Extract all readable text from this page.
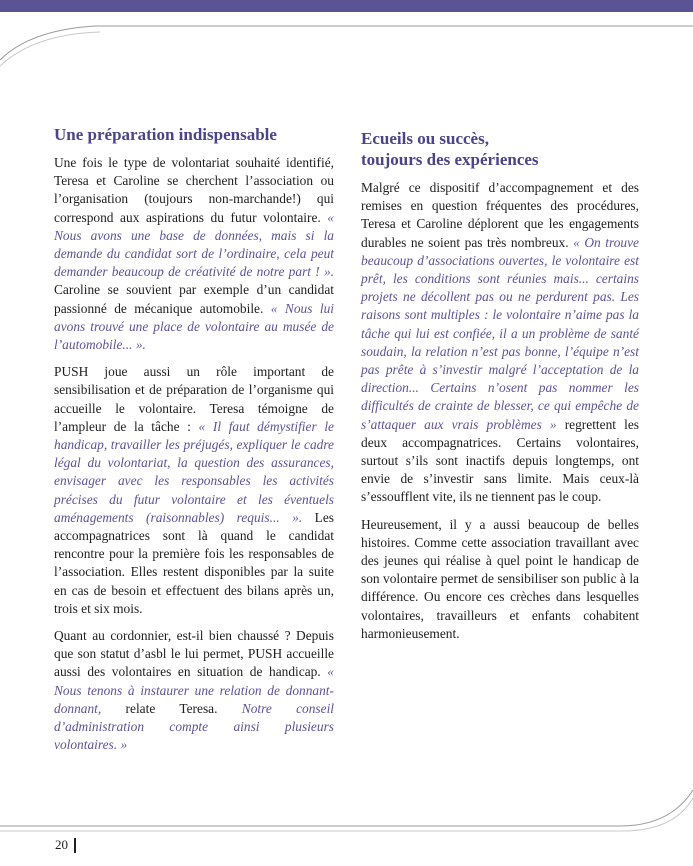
Une préparation indispensable

Une fois le type de volontariat souhaité identifié, Teresa et Caroline se cherchent l’association ou l’organisation (toujours non-marchande!) qui correspond aux aspirations du futur volontaire. « Nous avons une base de données, mais si la demande du candidat sort de l’ordinaire, cela peut demander beaucoup de créativité de notre part ! ». Caroline se souvient par exemple d’un candidat passionné de mécanique automobile. « Nous lui avons trouvé une place de volontaire au musée de l’automobile... ».

PUSH joue aussi un rôle important de sensibilisation et de préparation de l’organisme qui accueille le volontaire. Teresa témoigne de l’ampleur de la tâche : « Il faut démystifier le handicap, travailler les préjugés, expliquer le cadre légal du volontariat, la question des assurances, envisager avec les responsables les activités précises du futur volontaire et les éventuels aménagements (raisonnables) requis... ». Les accompagnatrices sont là quand le candidat rencontre pour la première fois les responsables de l’association. Elles restent disponibles par la suite en cas de besoin et effectuent des bilans après un, trois et six mois.

Quant au cordonnier, est-il bien chaussé ? Depuis que son statut d’asbl le lui permet, PUSH accueille aussi des volontaires en situation de handicap. « Nous tenons à instaurer une relation de donnant-donnant, relate Teresa. Notre conseil d’administration compte ainsi plusieurs volontaires. »

Ecueils ou succès,
toujours des expériences

Malgré ce dispositif d’accompagnement et des remises en question fréquentes des procédures, Teresa et Caroline déplorent que les engagements durables ne soient pas très nombreux. « On trouve beaucoup d’associations ouvertes, le volontaire est prêt, les conditions sont réunies mais... certains projets ne décollent pas ou ne perdurent pas. Les raisons sont multiples : le volontaire n’aime pas la tâche qui lui est confiée, il a un problème de santé soudain, la relation n’est pas bonne, l’équipe n’est pas prête à s’investir malgré l’acceptation de la direction... Certains n’osent pas nommer les difficultés de crainte de blesser, ce qui empêche de s’attaquer aux vrais problèmes » regrettent les deux accompagnatrices. Certains volontaires, surtout s’ils sont inactifs depuis longtemps, ont envie de s’investir sans limite. Mais ceux-là s’essoufflent vite, ils ne tiennent pas le coup.

Heureusement, il y a aussi beaucoup de belles histoires. Comme cette association travaillant avec des jeunes qui réalise à quel point le handicap de son volontaire permet de sensibiliser son public à la différence. Ou encore ces crèches dans lesquelles volontaires, travailleurs et enfants cohabitent harmonieusement.

20
